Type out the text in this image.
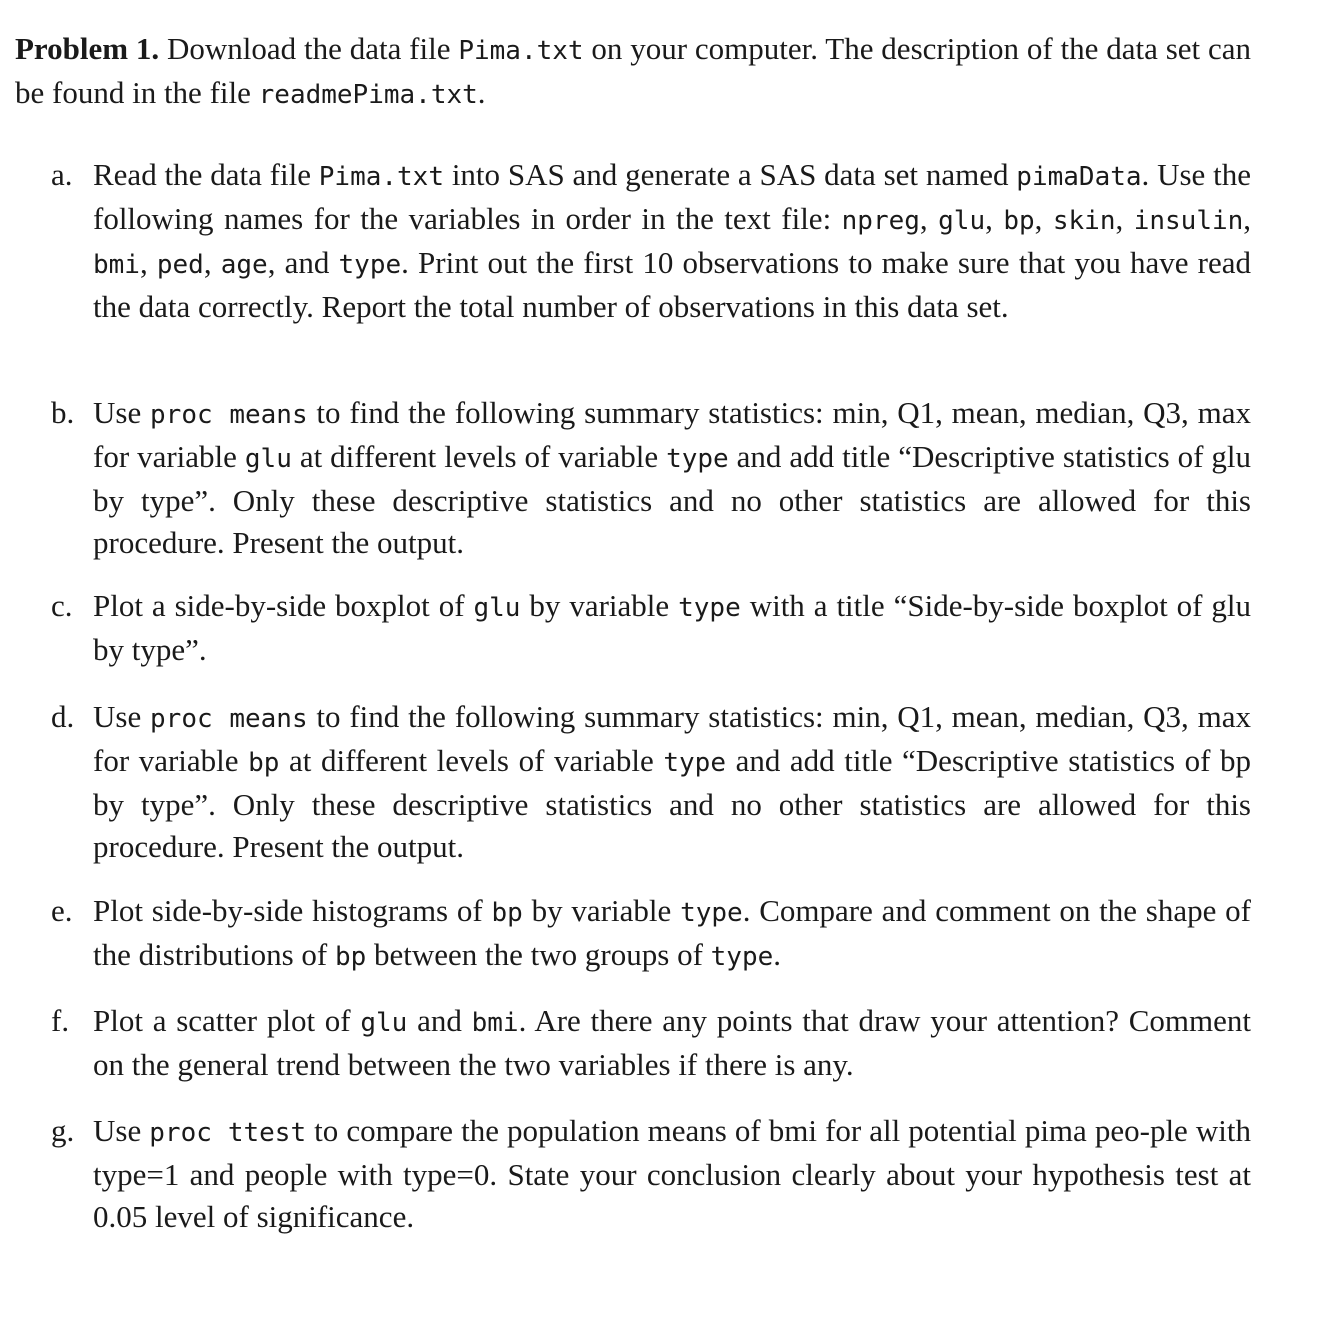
Problem 1. Download the data file Pima.txt on your computer. The description of the data set can be found in the file readmePima.txt.

a. Read the data file Pima.txt into SAS and generate a SAS data set named pimaData. Use the following names for the variables in order in the text file: npreg, glu, bp, skin, insulin, bmi, ped, age, and type. Print out the first 10 observations to make sure that you have read the data correctly. Report the total number of observations in this data set.

b. Use proc means to find the following summary statistics: min, Q1, mean, median, Q3, max for variable glu at different levels of variable type and add title “Descriptive statistics of glu by type”. Only these descriptive statistics and no other statistics are allowed for this procedure. Present the output.

c. Plot a side-by-side boxplot of glu by variable type with a title “Side-by-side boxplot of glu by type”.

d. Use proc means to find the following summary statistics: min, Q1, mean, median, Q3, max for variable bp at different levels of variable type and add title “Descriptive statistics of bp by type”. Only these descriptive statistics and no other statistics are allowed for this procedure. Present the output.

e. Plot side-by-side histograms of bp by variable type. Compare and comment on the shape of the distributions of bp between the two groups of type.

f. Plot a scatter plot of glu and bmi. Are there any points that draw your attention? Comment on the general trend between the two variables if there is any.

g. Use proc ttest to compare the population means of bmi for all potential pima peo-ple with type=1 and people with type=0. State your conclusion clearly about your hypothesis test at 0.05 level of significance.
